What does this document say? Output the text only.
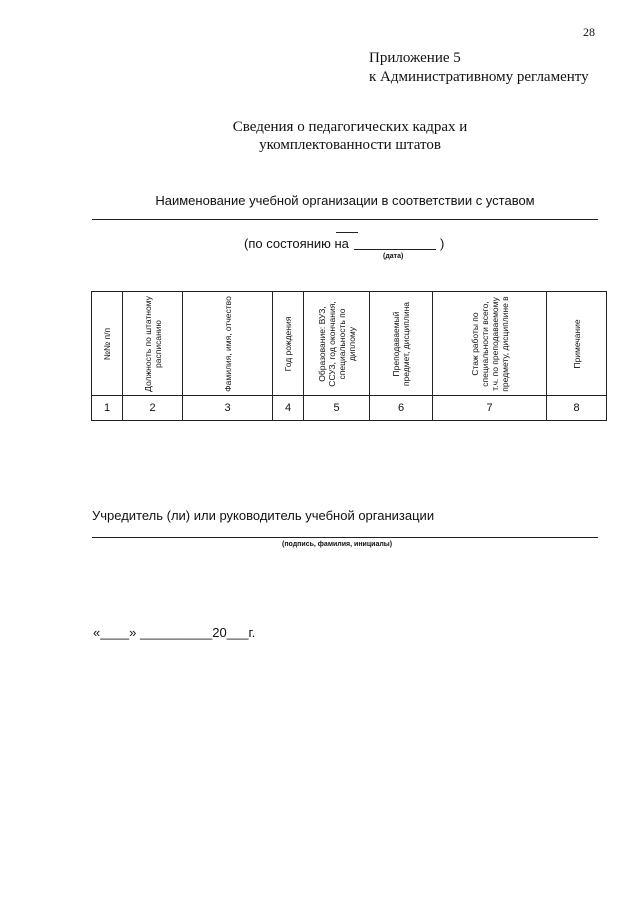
28
Приложение 5
к Административному регламенту
Сведения о педагогических кадрах и
укомплектованности штатов
Наименование учебной организации в соответствии с уставом
(по состоянию на	)
(дата)
№№ п/п	Должность по штатному расписанию	Фамилия, имя, отчество	Год рождения	Образование: ВУЗ, ССУЗ, год окончания, специальность по диплому	Преподаваемый предмет, дисциплина	Стаж работы по специальности всего, т.ч. по преподаваемому предмету, дисциплине в	Примечание

1	2	3	4	5	6	7	8
Учредитель (ли) или руководитель учебной организации
(подпись, фамилия, инициалы)
«____» __________20___г.
